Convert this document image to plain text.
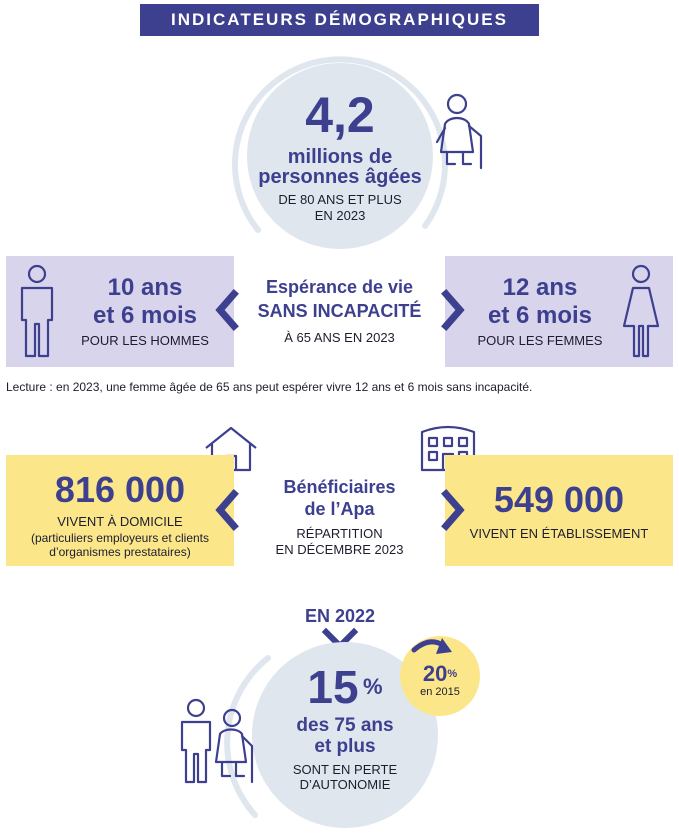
INDICATEURS DÉMOGRAPHIQUES
4,2
millions de
personnes âgées
DE 80 ANS ET PLUS
EN 2023
10 ans
et 6 mois
POUR LES HOMMES
Espérance de vie
SANS INCAPACITÉ
À 65 ANS EN 2023
12 ans
et 6 mois
POUR LES FEMMES
Lecture : en 2023, une femme âgée de 65 ans peut espérer vivre 12 ans et 6 mois sans incapacité.
816 000
VIVENT À DOMICILE
(particuliers employeurs et clients
d’organismes prestataires)
Bénéficiaires
de l’Apa
RÉPARTITION
EN DÉCEMBRE 2023
549 000
VIVENT EN ÉTABLISSEMENT
EN 2022
15 %
des 75 ans
et plus
SONT EN PERTE
D’AUTONOMIE
20%
en 2015
